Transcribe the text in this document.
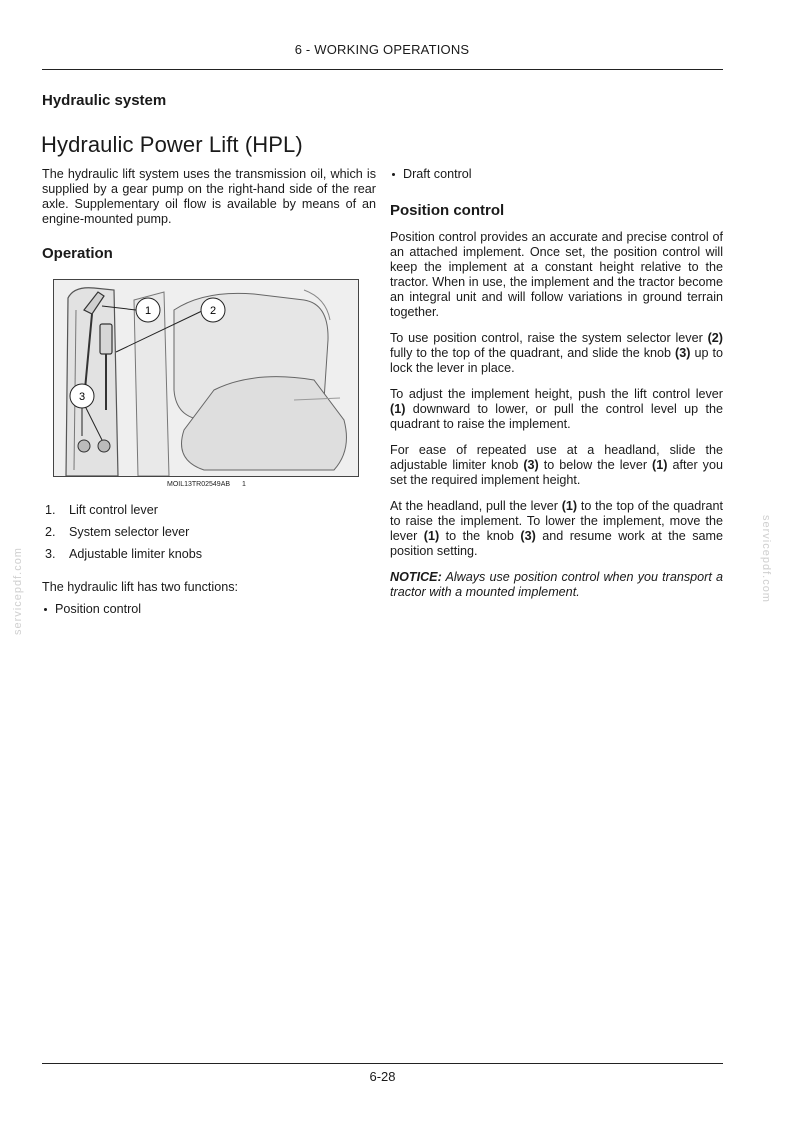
6 - WORKING OPERATIONS
servicepdf.com	servicepdf.com
Hydraulic system
Hydraulic Power Lift (HPL)

The hydraulic lift system uses the transmission oil, which is supplied by a gear pump on the right-hand side of the rear axle. Supplementary oil flow is available by means of an engine-mounted pump.

Operation
1	2
3
MOIL13TR02549AB 1
1. Lift control lever
2. System selector lever
3. Adjustable limiter knobs

The hydraulic lift has two functions:

Position control
Draft control
Position control

Position control provides an accurate and precise control of an attached implement. Once set, the position control will keep the implement at a constant height relative to the tractor. When in use, the implement and the tractor become an integral unit and will follow variations in ground terrain together.

To use position control, raise the system selector lever (2) fully to the top of the quadrant, and slide the knob (3) up to lock the lever in place.

To adjust the implement height, push the lift control lever (1) downward to lower, or pull the control level up the quadrant to raise the implement.

For ease of repeated use at a headland, slide the adjustable limiter knob (3) to below the lever (1) after you set the required implement height.

At the headland, pull the lever (1) to the top of the quadrant to raise the implement. To lower the implement, move the lever (1) to the knob (3) and resume work at the same position setting.

NOTICE: Always use position control when you transport a tractor with a mounted implement.

6-28
